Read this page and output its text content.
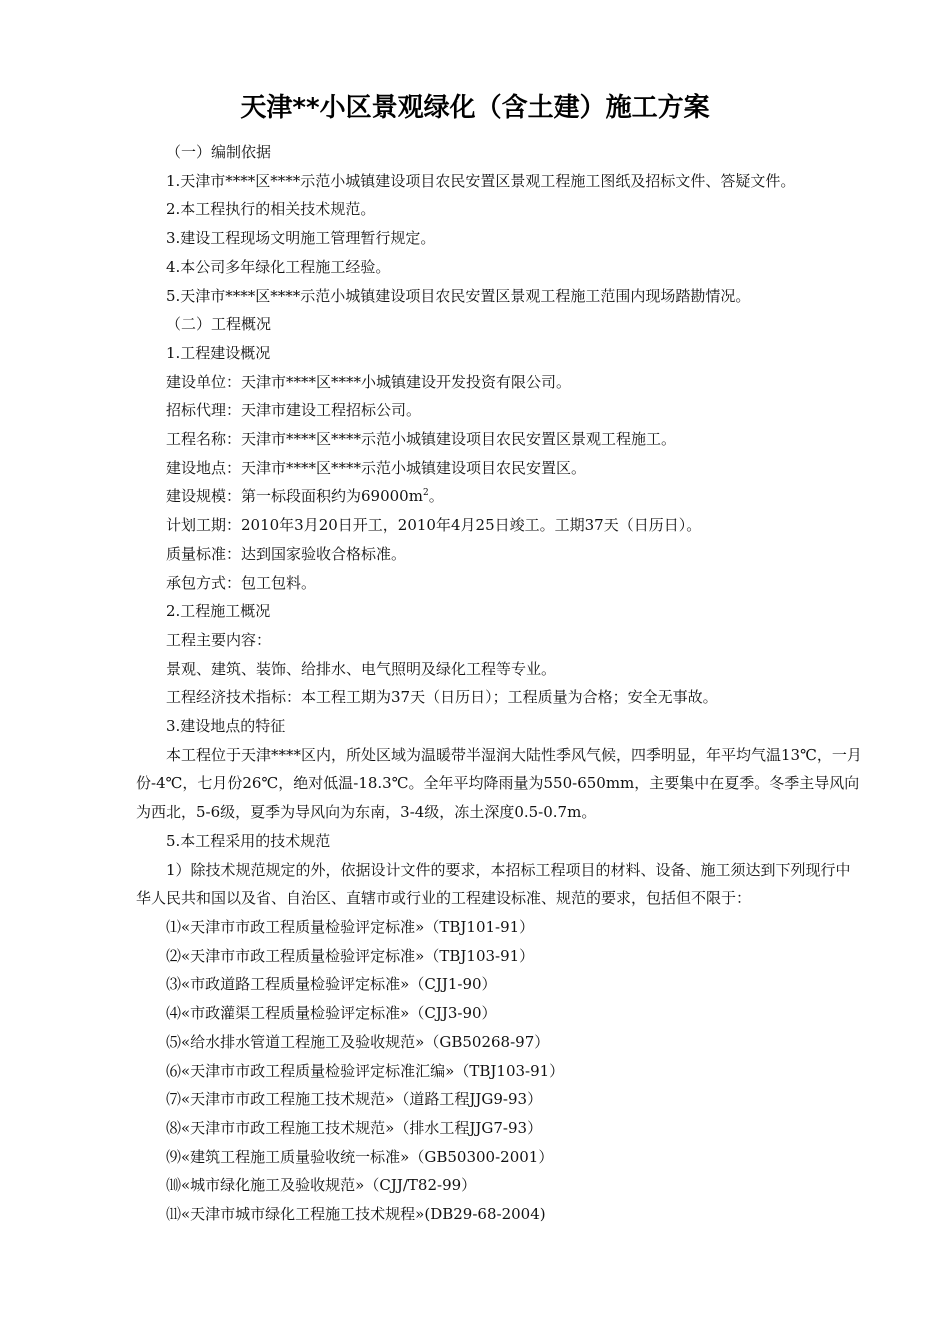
天津**小区景观绿化（含土建）施工方案

（一）编制依据

1.天津市****区****示范小城镇建设项目农民安置区景观工程施工图纸及招标文件、答疑文件。

2.本工程执行的相关技术规范。

3.建设工程现场文明施工管理暂行规定。

4.本公司多年绿化工程施工经验。

5.天津市****区****示范小城镇建设项目农民安置区景观工程施工范围内现场踏勘情况。

（二）工程概况

1.工程建设概况

建设单位：天津市****区****小城镇建设开发投资有限公司。

招标代理：天津市建设工程招标公司。

工程名称：天津市****区****示范小城镇建设项目农民安置区景观工程施工。

建设地点：天津市****区****示范小城镇建设项目农民安置区。

建设规模：第一标段面积约为$69000m^2$。

计划工期：2010年3月20日开工，2010年4月25日竣工。工期37天（日历日）。

质量标准：达到国家验收合格标准。

承包方式：包工包料。

2.工程施工概况

工程主要内容：

景观、建筑、装饰、给排水、电气照明及绿化工程等专业。

工程经济技术指标：本工程工期为37天（日历日）；工程质量为合格；安全无事故。

3.建设地点的特征

本工程位于天津****区内，所处区域为温暖带半湿润大陆性季风气候，四季明显，年平均气温13℃，一月份-4℃，七月份26℃，绝对低温-18.3℃。全年平均降雨量为550-650mm，主要集中在夏季。冬季主导风向为西北，5-6级，夏季为导风向为东南，3-4级，冻土深度0.5-0.7m。

5.本工程采用的技术规范

1）除技术规范规定的外，依据设计文件的要求，本招标工程项目的材料、设备、施工须达到下列现行中华人民共和国以及省、自治区、直辖市或行业的工程建设标准、规范的要求，包括但不限于：

⑴«天津市市政工程质量检验评定标准»（TBJ101-91）

⑵«天津市市政工程质量检验评定标准»（TBJ103-91）

⑶«市政道路工程质量检验评定标准»（CJJ1-90）

⑷«市政灌渠工程质量检验评定标准»（CJJ3-90）

⑸«给水排水管道工程施工及验收规范»（GB50268-97）

⑹«天津市市政工程质量检验评定标准汇编»（TBJ103-91）

⑺«天津市市政工程施工技术规范»（道路工程JJG9-93）

⑻«天津市市政工程施工技术规范»（排水工程JJG7-93）

⑼«建筑工程施工质量验收统一标准»（GB50300-2001）

⑽«城市绿化施工及验收规范»（CJJ/T82-99）

⑾«天津市城市绿化工程施工技术规程»(DB29-68-2004)
